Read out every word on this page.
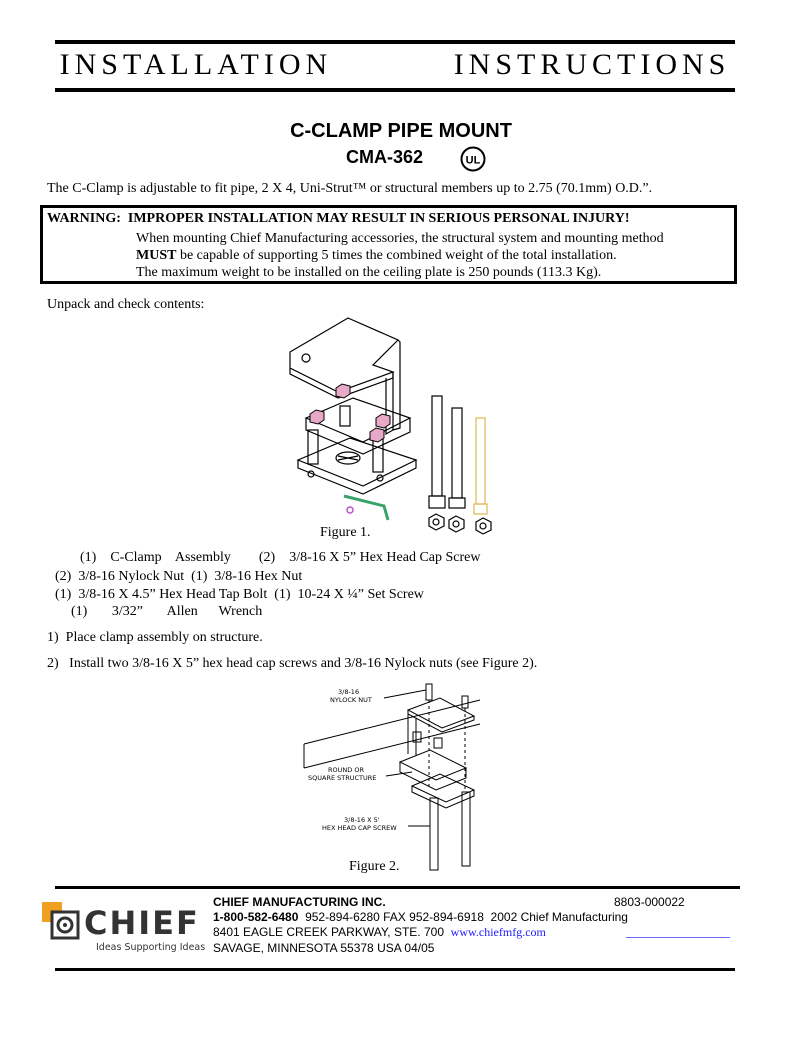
INSTALLATION   INSTRUCTIONS
C-CLAMP PIPE MOUNT
CMA-362	UL
The C-Clamp is adjustable to fit pipe, 2 X 4, Uni-Strut™ or structural members up to 2.75 (70.1mm) O.D.”.
WARNING:  IMPROPER INSTALLATION MAY RESULT IN SERIOUS PERSONAL INJURY!
When mounting Chief Manufacturing accessories, the structural system and mounting method
MUST be capable of supporting 5 times the combined weight of the total installation.
The maximum weight to be installed on the ceiling plate is 250 pounds (113.3 Kg).
Unpack and check contents:
Figure 1.
(1)    C-Clamp    Assembly        (2)    3/8-16 X 5” Hex Head Cap Screw
(2)  3/8-16 Nylock Nut  (1)  3/8-16 Hex Nut
(1)  3/8-16 X 4.5” Hex Head Tap Bolt  (1)  10-24 X ¼” Set Screw
(1)       3/32”       Allen      Wrench
1)  Place clamp assembly on structure.
2)   Install two 3/8-16 X 5” hex head cap screws and 3/8-16 Nylock nuts (see Figure 2).
3/8-16
NYLOCK NUT
ROUND OR
SQUARE STRUCTURE
3/8-16 X 5'
HEX HEAD CAP SCREW
Figure 2.
CHIEF
Ideas Supporting Ideas
CHIEF MANUFACTURING INC.	8803-000022
1-800-582-6480  952-894-6280 FAX 952-894-6918  2002 Chief Manufacturing
8401 EAGLE CREEK PARKWAY, STE. 700  www.chiefmfg.com
SAVAGE, MINNESOTA 55378 USA 04/05
